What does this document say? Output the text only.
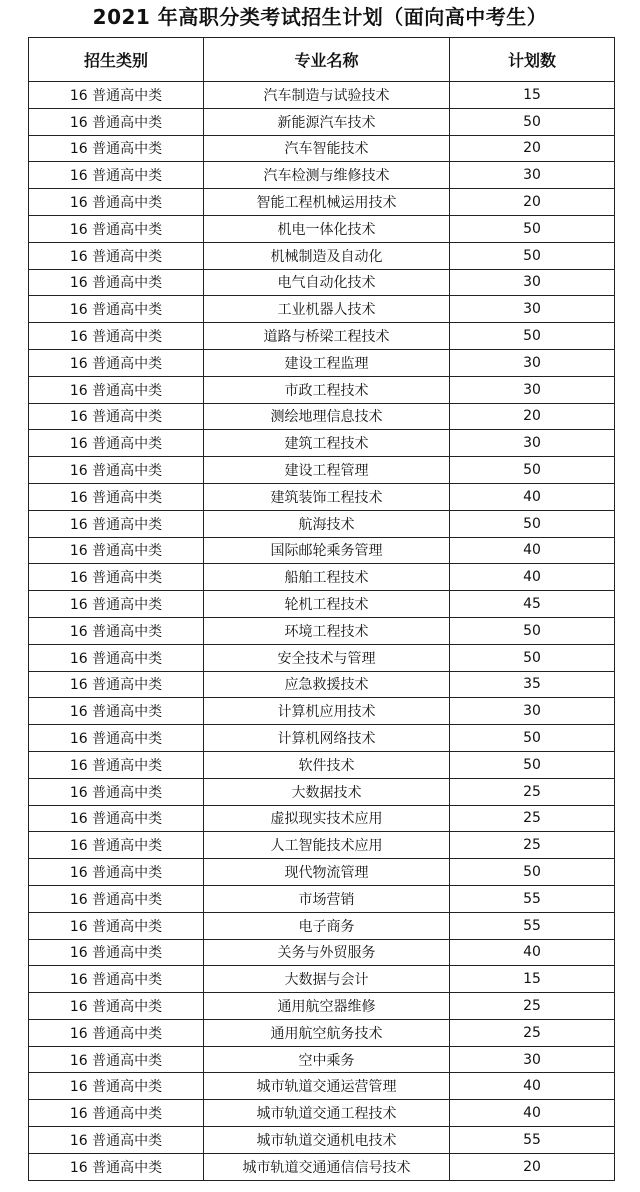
2021 年高职分类考试招生计划（面向高中考生）
招生类别	专业名称	计划数
16 普通高中类	汽车制造与试验技术	15
16 普通高中类	新能源汽车技术	50
16 普通高中类	汽车智能技术	20
16 普通高中类	汽车检测与维修技术	30
16 普通高中类	智能工程机械运用技术	20
16 普通高中类	机电一体化技术	50
16 普通高中类	机械制造及自动化	50
16 普通高中类	电气自动化技术	30
16 普通高中类	工业机器人技术	30
16 普通高中类	道路与桥梁工程技术	50
16 普通高中类	建设工程监理	30
16 普通高中类	市政工程技术	30
16 普通高中类	测绘地理信息技术	20
16 普通高中类	建筑工程技术	30
16 普通高中类	建设工程管理	50
16 普通高中类	建筑装饰工程技术	40
16 普通高中类	航海技术	50
16 普通高中类	国际邮轮乘务管理	40
16 普通高中类	船舶工程技术	40
16 普通高中类	轮机工程技术	45
16 普通高中类	环境工程技术	50
16 普通高中类	安全技术与管理	50
16 普通高中类	应急救援技术	35
16 普通高中类	计算机应用技术	30
16 普通高中类	计算机网络技术	50
16 普通高中类	软件技术	50
16 普通高中类	大数据技术	25
16 普通高中类	虚拟现实技术应用	25
16 普通高中类	人工智能技术应用	25
16 普通高中类	现代物流管理	50
16 普通高中类	市场营销	55
16 普通高中类	电子商务	55
16 普通高中类	关务与外贸服务	40
16 普通高中类	大数据与会计	15
16 普通高中类	通用航空器维修	25
16 普通高中类	通用航空航务技术	25
16 普通高中类	空中乘务	30
16 普通高中类	城市轨道交通运营管理	40
16 普通高中类	城市轨道交通工程技术	40
16 普通高中类	城市轨道交通机电技术	55
16 普通高中类	城市轨道交通通信信号技术	20
